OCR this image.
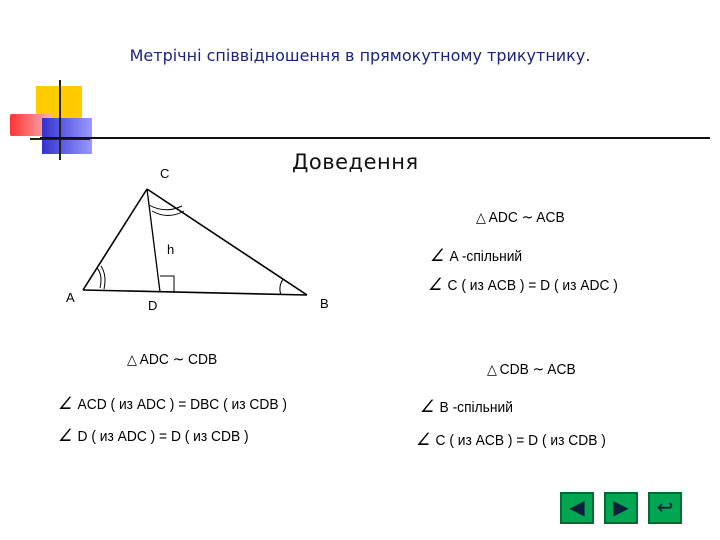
Метрічні співвідношення в прямокутному трикутнику.
Доведення
C
h
A
D	B
△ ADC ∼ ACB
∠ A -спільний
∠ C ( из ACB ) = D ( из ADC )
△ ADC ∼ CDB
△ CDB ∼ ACB
∠ ACD ( из ADC ) = DBC ( из CDB )	∠ B -спільний
∠ D ( из ADC ) = D ( из CDB )	∠ C ( из ACB ) = D ( из CDB )
◀ ▶ ↩
